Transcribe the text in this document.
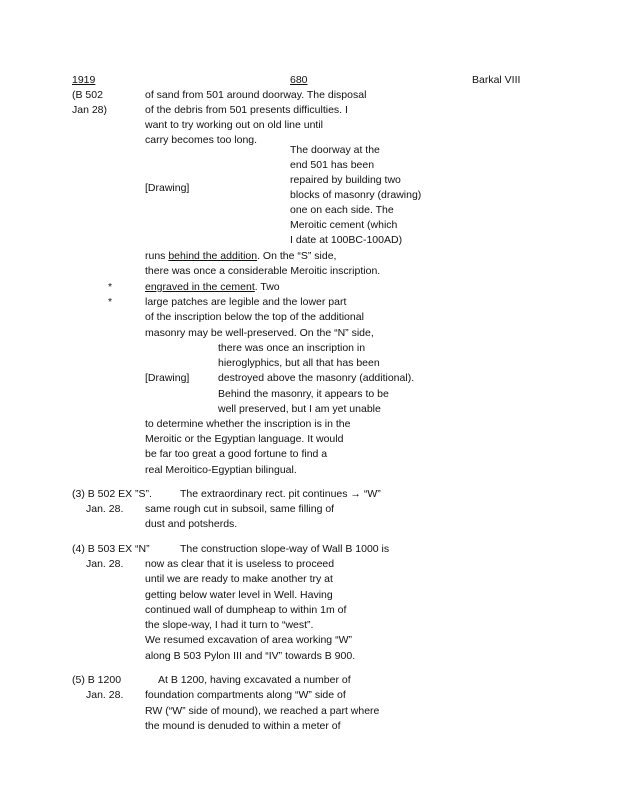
1919	680	Barkal VIII
(B 502
Jan 28)
of sand from 501 around doorway. The disposal
of the debris from 501 presents difficulties. I
want to try working out on old line until
carry becomes too long.
The doorway at the
end 501 has been
repaired by building two
blocks of masonry (drawing)
one on each side. The
Meroitic cement (which
I date at 100BC-100AD)
[Drawing]
runs behind the addition. On the “S” side,
there was once a considerable Meroitic inscription.
*	engraved in the cement. Two
*	large patches are legible and the lower part
of the inscription below the top of the additional
masonry may be well-preserved. On the “N” side,
there was once an inscription in
hieroglyphics, but all that has been
[Drawing]	destroyed above the masonry (additional).
Behind the masonry, it appears to be
well preserved, but I am yet unable
to determine whether the inscription is in the
Meroitic or the Egyptian language. It would
be far too great a good fortune to find a
real Meroitico-Egyptian bilingual.
(3) B 502 EX ”S”.	The extraordinary rect. pit continues → “W”
Jan. 28. same rough cut in subsoil, same filling of
dust and potsherds.
(4) B 503 EX “N”	The construction slope-way of Wall B 1000 is
Jan. 28. now as clear that it is useless to proceed
until we are ready to make another try at
getting below water level in Well. Having
continued wall of dumpheap to within 1m of
the slope-way, I had it turn to “west”.
We resumed excavation of area working “W”
along B 503 Pylon III and “IV” towards B 900.
(5) B 1200	At B 1200, having excavated a number of
Jan. 28. foundation compartments along “W” side of
RW (“W” side of mound), we reached a part where
the mound is denuded to within a meter of
